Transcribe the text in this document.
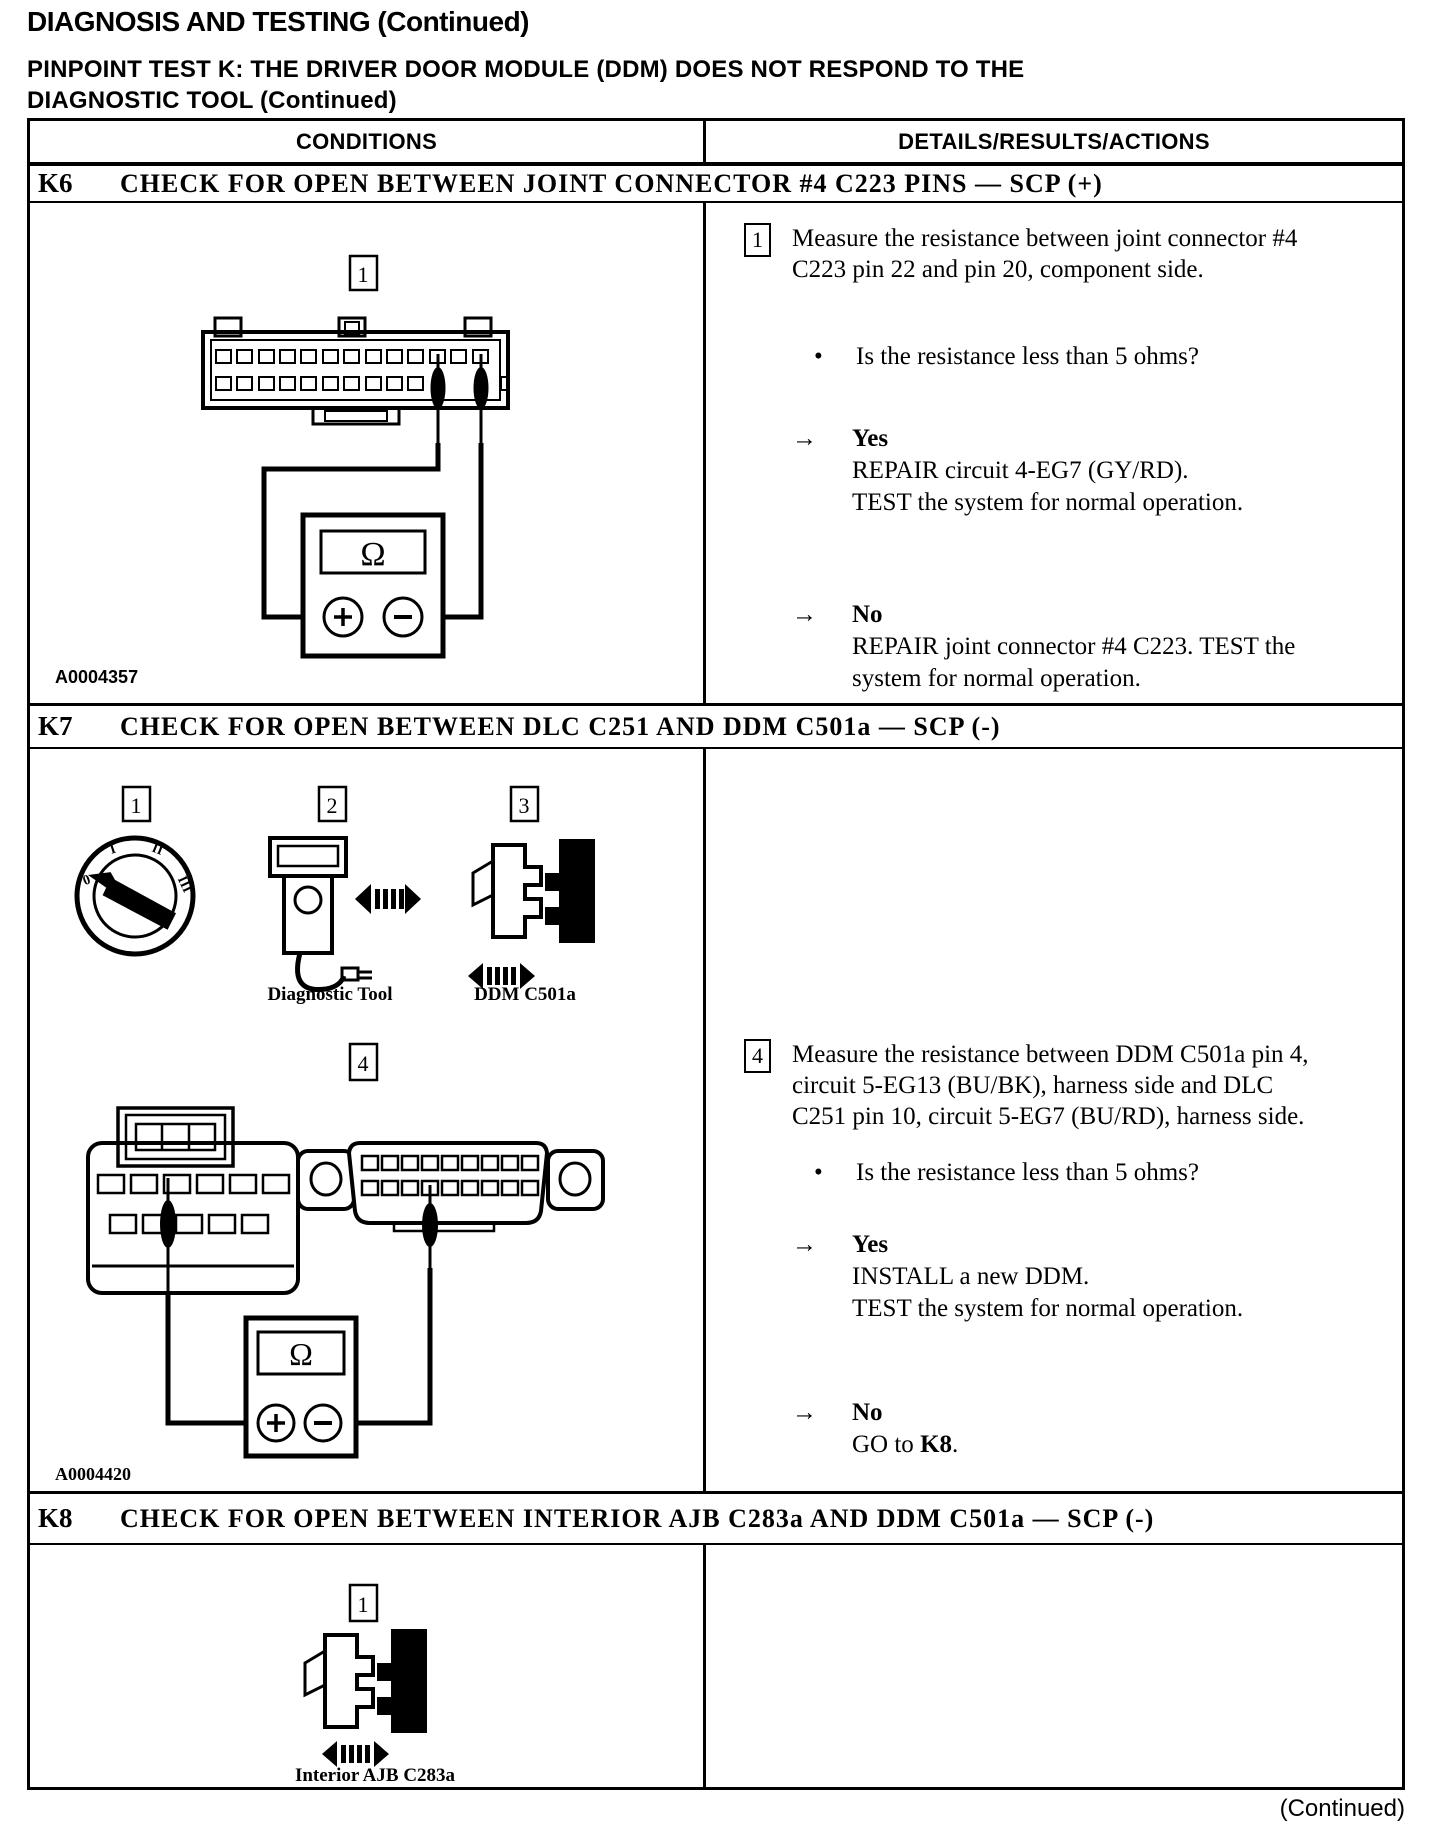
DIAGNOSIS AND TESTING (Continued)
PINPOINT TEST K: THE DRIVER DOOR MODULE (DDM) DOES NOT RESPOND TO THE
DIAGNOSTIC TOOL (Continued)
CONDITIONS	DETAILS/RESULTS/ACTIONS
K6	CHECK FOR OPEN BETWEEN JOINT CONNECTOR #4 C223 PINS — SCP (+)
1
Ω
A0004357
1 Measure the resistance between joint connector #4
C223 pin 22 and pin 20, component side.
•	Is the resistance less than 5 ohms?
→	Yes
REPAIR circuit 4-EG7 (GY/RD).
TEST the system for normal operation.
→	No
REPAIR joint connector #4 C223. TEST the
system for normal operation.
K7	CHECK FOR OPEN BETWEEN DLC C251 AND DDM C501a — SCP (-)
1	2	3
0
I II
III
Diagnostic Tool	DDM C501a
4
Ω
A0004420
4 Measure the resistance between DDM C501a pin 4,
circuit 5-EG13 (BU/BK), harness side and DLC
C251 pin 10, circuit 5-EG7 (BU/RD), harness side.
•	Is the resistance less than 5 ohms?
→	Yes
INSTALL a new DDM.
TEST the system for normal operation.
→	No
GO to K8.
K8	CHECK FOR OPEN BETWEEN INTERIOR AJB C283a AND DDM C501a — SCP (-)
1
Interior AJB C283a
(Continued)
